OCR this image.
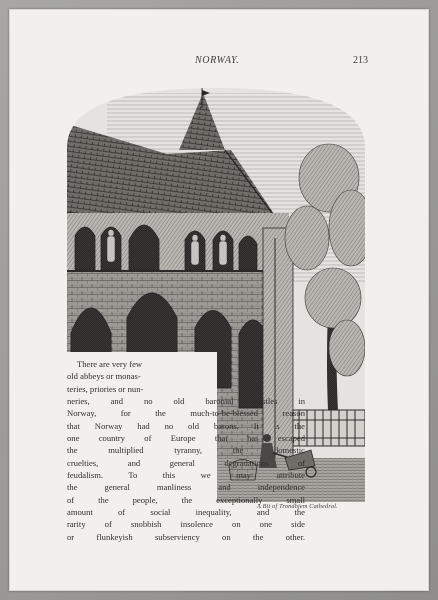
NORWAY.	213
There are very few
old abbeys or monas-
teries, priories or nun-
neries, and no old baronial castles in
Norway, for the much-to-be-blessed reason
that Norway had no old barons. It is the
one country of Europe that has escaped
the multiplied tyranny, the domestic
cruelties, and general degradations of
feudalism. To this we may attribute
the general manliness and independence
of the people, the exceptionally small
amount of social inequality, and the
rarity of snobbish insolence on one side
or flunkeyish subserviency on the other.
A Bit of Trondhjem Cathedral.
